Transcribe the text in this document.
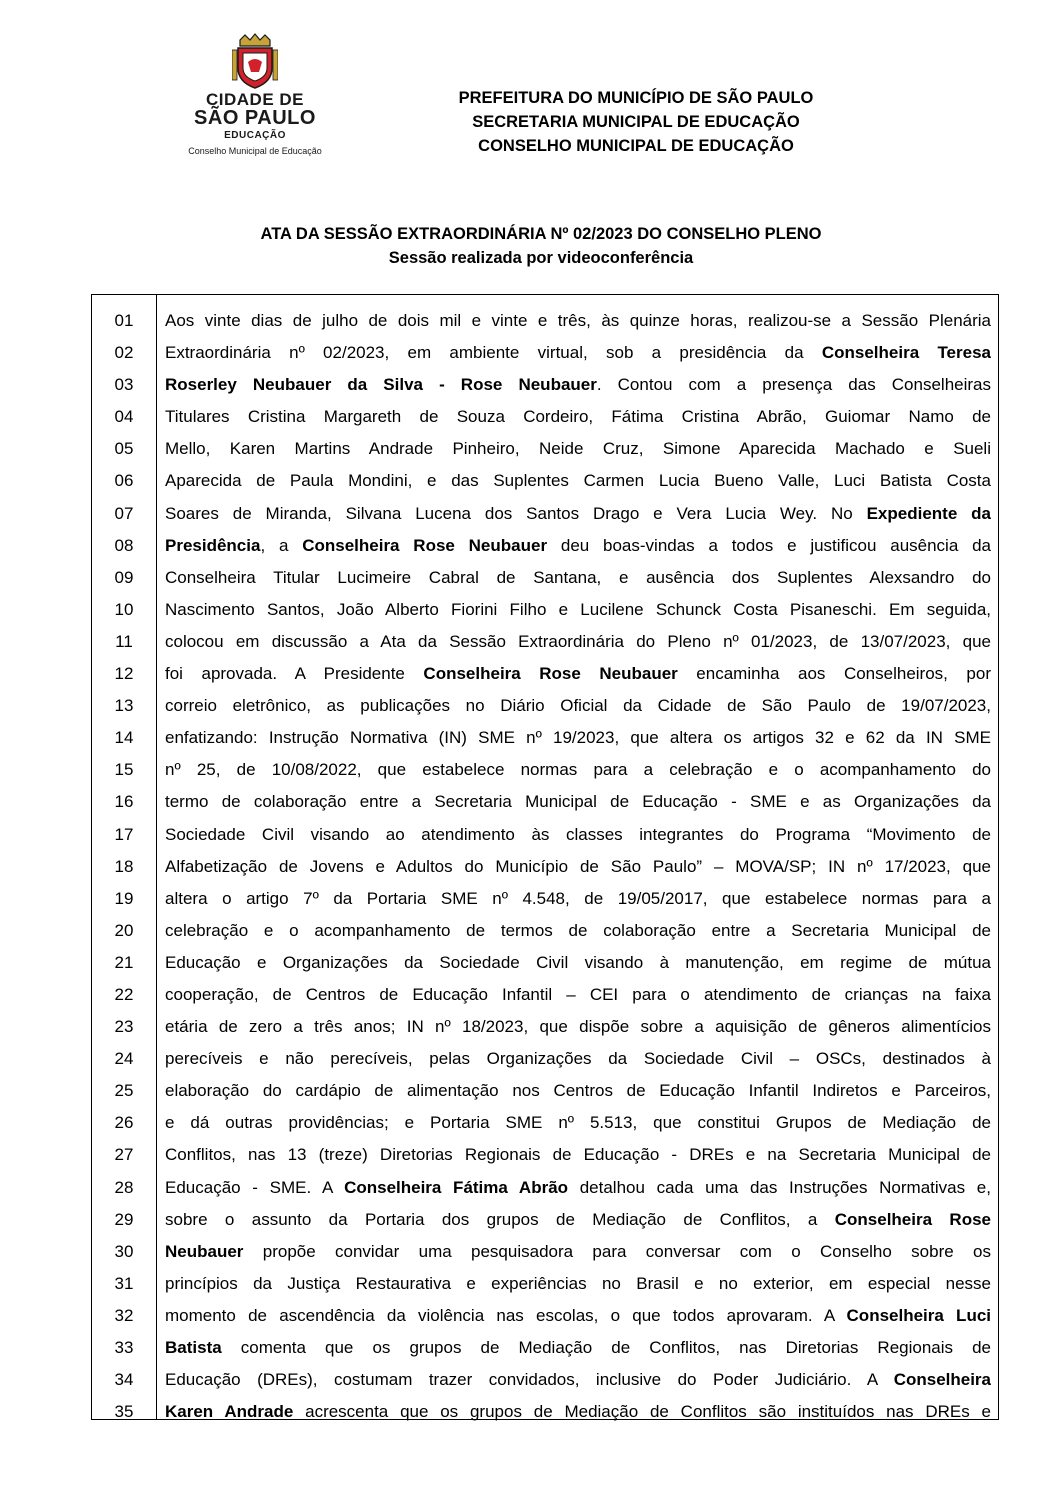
CIDADE DE
SÃO PAULO
EDUCAÇÃO
Conselho Municipal de Educação
PREFEITURA DO MUNICÍPIO DE SÃO PAULO
SECRETARIA MUNICIPAL DE EDUCAÇÃO
CONSELHO MUNICIPAL DE EDUCAÇÃO
ATA DA SESSÃO EXTRAORDINÁRIA Nº 02/2023 DO CONSELHO PLENO
Sessão realizada por videoconferência
01
02
03
04
05
06
07
08
09
10
11
12
13
14
15
16
17
18
19
20
21
22
23
24
25
26
27
28
29
30
31
32
33
34
35
Aos vinte dias de julho de dois mil e vinte e três, às quinze horas, realizou-se a Sessão Plenária
Extraordinária nº 02/2023, em ambiente virtual, sob a presidência da Conselheira Teresa
Roserley Neubauer da Silva - Rose Neubauer. Contou com a presença das Conselheiras
Titulares Cristina Margareth de Souza Cordeiro, Fátima Cristina Abrão, Guiomar Namo de
Mello, Karen Martins Andrade Pinheiro, Neide Cruz, Simone Aparecida Machado e Sueli
Aparecida de Paula Mondini, e das Suplentes Carmen Lucia Bueno Valle, Luci Batista Costa
Soares de Miranda, Silvana Lucena dos Santos Drago e Vera Lucia Wey. No Expediente da
Presidência, a Conselheira Rose Neubauer deu boas-vindas a todos e justificou ausência da
Conselheira Titular Lucimeire Cabral de Santana, e ausência dos Suplentes Alexsandro do
Nascimento Santos, João Alberto Fiorini Filho e Lucilene Schunck Costa Pisaneschi. Em seguida,
colocou em discussão a Ata da Sessão Extraordinária do Pleno nº 01/2023, de 13/07/2023, que
foi aprovada. A Presidente Conselheira Rose Neubauer encaminha aos Conselheiros, por
correio eletrônico, as publicações no Diário Oficial da Cidade de São Paulo de 19/07/2023,
enfatizando: Instrução Normativa (IN) SME nº 19/2023, que altera os artigos 32 e 62 da IN SME
nº 25, de 10/08/2022, que estabelece normas para a celebração e o acompanhamento do
termo de colaboração entre a Secretaria Municipal de Educação - SME e as Organizações da
Sociedade Civil visando ao atendimento às classes integrantes do Programa “Movimento de
Alfabetização de Jovens e Adultos do Município de São Paulo” – MOVA/SP; IN nº 17/2023, que
altera o artigo 7º da Portaria SME nº 4.548, de 19/05/2017, que estabelece normas para a
celebração e o acompanhamento de termos de colaboração entre a Secretaria Municipal de
Educação e Organizações da Sociedade Civil visando à manutenção, em regime de mútua
cooperação, de Centros de Educação Infantil – CEI para o atendimento de crianças na faixa
etária de zero a três anos; IN nº 18/2023, que dispõe sobre a aquisição de gêneros alimentícios
perecíveis e não perecíveis, pelas Organizações da Sociedade Civil – OSCs, destinados à
elaboração do cardápio de alimentação nos Centros de Educação Infantil Indiretos e Parceiros,
e dá outras providências; e Portaria SME nº 5.513, que constitui Grupos de Mediação de
Conflitos, nas 13 (treze) Diretorias Regionais de Educação - DREs e na Secretaria Municipal de
Educação - SME. A Conselheira Fátima Abrão detalhou cada uma das Instruções Normativas e,
sobre o assunto da Portaria dos grupos de Mediação de Conflitos, a Conselheira Rose
Neubauer propõe convidar uma pesquisadora para conversar com o Conselho sobre os
princípios da Justiça Restaurativa e experiências no Brasil e no exterior, em especial nesse
momento de ascendência da violência nas escolas, o que todos aprovaram. A Conselheira Luci
Batista comenta que os grupos de Mediação de Conflitos, nas Diretorias Regionais de
Educação (DREs), costumam trazer convidados, inclusive do Poder Judiciário. A Conselheira
Karen Andrade acrescenta que os grupos de Mediação de Conflitos são instituídos nas DREs e
